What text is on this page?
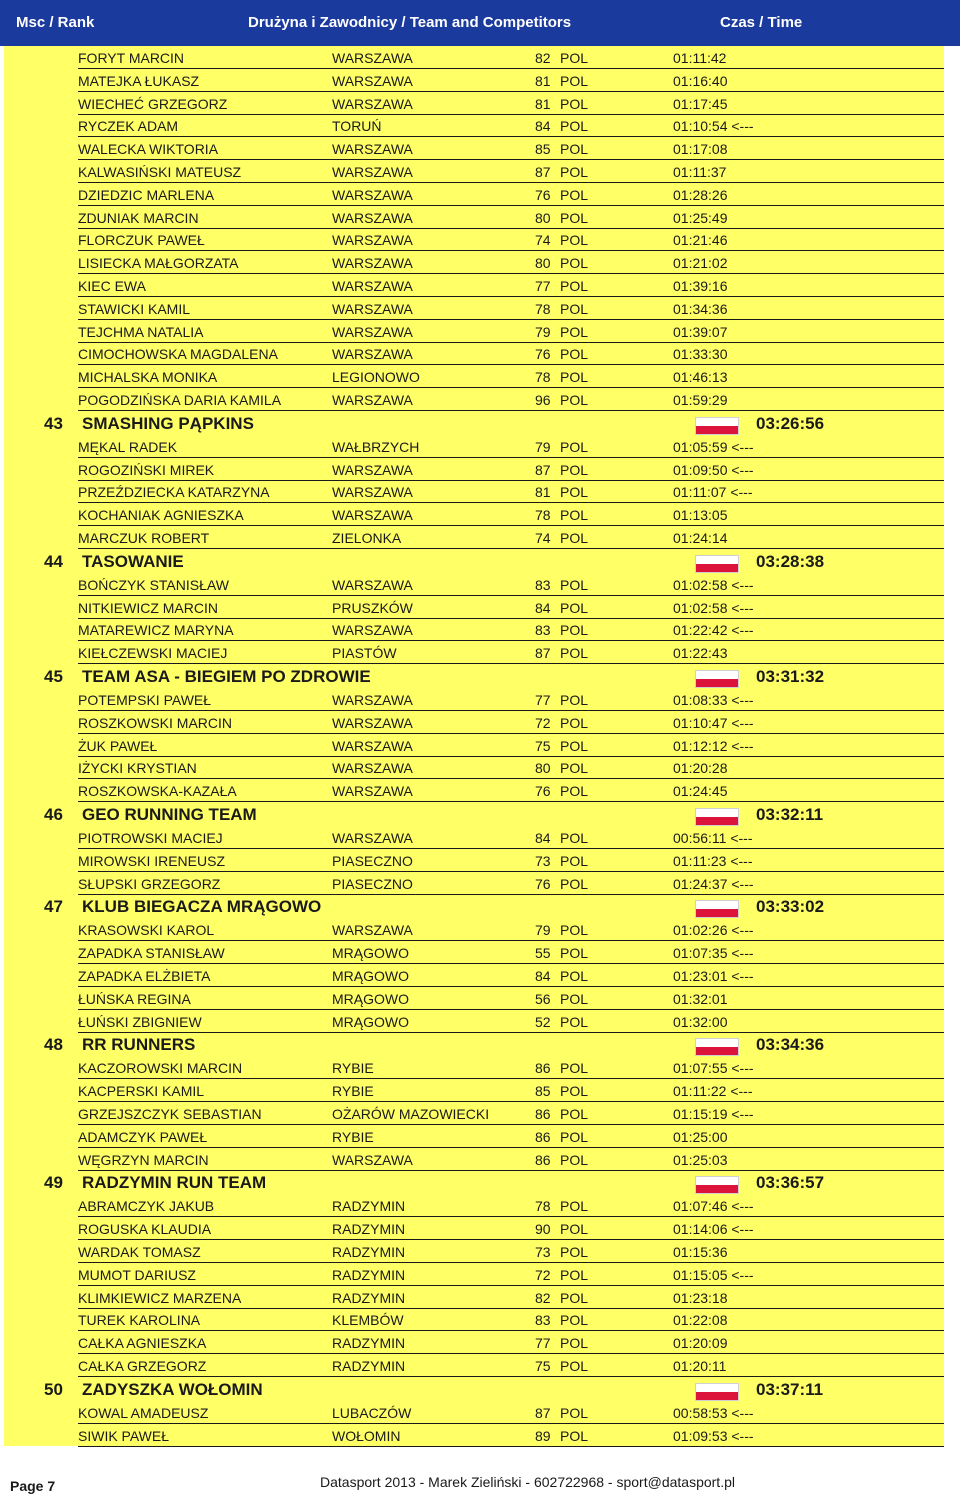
Msc / Rank	Drużyna i Zawodnicy / Team and Competitors	Czas / Time
FORYT MARCIN	WARSZAWA	82 POL	01:11:42
MATEJKA ŁUKASZ	WARSZAWA	81 POL	01:16:40
WIECHEĆ GRZEGORZ	WARSZAWA	81 POL	01:17:45
RYCZEK ADAM	TORUŃ	84 POL	01:10:54 <---
WALECKA WIKTORIA	WARSZAWA	85 POL	01:17:08
KALWASIŃSKI MATEUSZ	WARSZAWA	87 POL	01:11:37
DZIEDZIC MARLENA	WARSZAWA	76 POL	01:28:26
ZDUNIAK MARCIN	WARSZAWA	80 POL	01:25:49
FLORCZUK PAWEŁ	WARSZAWA	74 POL	01:21:46
LISIECKA MAŁGORZATA	WARSZAWA	80 POL	01:21:02
KIEC EWA	WARSZAWA	77 POL	01:39:16
STAWICKI KAMIL	WARSZAWA	78 POL	01:34:36
TEJCHMA NATALIA	WARSZAWA	79 POL	01:39:07
CIMOCHOWSKA MAGDALENA	WARSZAWA	76 POL	01:33:30
MICHALSKA MONIKA	LEGIONOWO	78 POL	01:46:13
POGODZIŃSKA DARIA KAMILA	WARSZAWA	96 POL	01:59:29
43 SMASHING PĄPKINS	03:26:56
MĘKAL RADEK	WAŁBRZYCH	79 POL	01:05:59 <---
ROGOZIŃSKI MIREK	WARSZAWA	87 POL	01:09:50 <---
PRZEŹDZIECKA KATARZYNA	WARSZAWA	81 POL	01:11:07 <---
KOCHANIAK AGNIESZKA	WARSZAWA	78 POL	01:13:05
MARCZUK ROBERT	ZIELONKA	74 POL	01:24:14
44 TASOWANIE	03:28:38
BOŃCZYK STANISŁAW	WARSZAWA	83 POL	01:02:58 <---
NITKIEWICZ MARCIN	PRUSZKÓW	84 POL	01:02:58 <---
MATAREWICZ MARYNA	WARSZAWA	83 POL	01:22:42 <---
KIEŁCZEWSKI MACIEJ	PIASTÓW	87 POL	01:22:43
45 TEAM ASA - BIEGIEM PO ZDROWIE	03:31:32
POTEMPSKI PAWEŁ	WARSZAWA	77 POL	01:08:33 <---
ROSZKOWSKI MARCIN	WARSZAWA	72 POL	01:10:47 <---
ŻUK PAWEŁ	WARSZAWA	75 POL	01:12:12 <---
IŻYCKI KRYSTIAN	WARSZAWA	80 POL	01:20:28
ROSZKOWSKA-KAZAŁA	WARSZAWA	76 POL	01:24:45
46 GEO RUNNING TEAM	03:32:11
PIOTROWSKI MACIEJ	WARSZAWA	84 POL	00:56:11 <---
MIROWSKI IRENEUSZ	PIASECZNO	73 POL	01:11:23 <---
SŁUPSKI GRZEGORZ	PIASECZNO	76 POL	01:24:37 <---
47 KLUB BIEGACZA MRĄGOWO	03:33:02
KRASOWSKI KAROL	WARSZAWA	79 POL	01:02:26 <---
ZAPADKA STANISŁAW	MRĄGOWO	55 POL	01:07:35 <---
ZAPADKA ELŻBIETA	MRĄGOWO	84 POL	01:23:01 <---
ŁUŃSKA REGINA	MRĄGOWO	56 POL	01:32:01
ŁUŃSKI ZBIGNIEW	MRĄGOWO	52 POL	01:32:00
48 RR RUNNERS	03:34:36
KACZOROWSKI MARCIN	RYBIE	86 POL	01:07:55 <---
KACPERSKI KAMIL	RYBIE	85 POL	01:11:22 <---
GRZEJSZCZYK SEBASTIAN	OŻARÓW MAZOWIECKI	86 POL	01:15:19 <---
ADAMCZYK PAWEŁ	RYBIE	86 POL	01:25:00
WĘGRZYN MARCIN	WARSZAWA	86 POL	01:25:03
49 RADZYMIN RUN TEAM	03:36:57
ABRAMCZYK JAKUB	RADZYMIN	78 POL	01:07:46 <---
ROGUSKA KLAUDIA	RADZYMIN	90 POL	01:14:06 <---
WARDAK TOMASZ	RADZYMIN	73 POL	01:15:36
MUMOT DARIUSZ	RADZYMIN	72 POL	01:15:05 <---
KLIMKIEWICZ MARZENA	RADZYMIN	82 POL	01:23:18
TUREK KAROLINA	KLEMBÓW	83 POL	01:22:08
CAŁKA AGNIESZKA	RADZYMIN	77 POL	01:20:09
CAŁKA GRZEGORZ	RADZYMIN	75 POL	01:20:11
50 ZADYSZKA WOŁOMIN	03:37:11
KOWAL AMADEUSZ	LUBACZÓW	87 POL	00:58:53 <---
SIWIK PAWEŁ	WOŁOMIN	89 POL	01:09:53 <---
Page 7	Datasport 2013 - Marek Zieliński - 602722968 - sport@datasport.pl
